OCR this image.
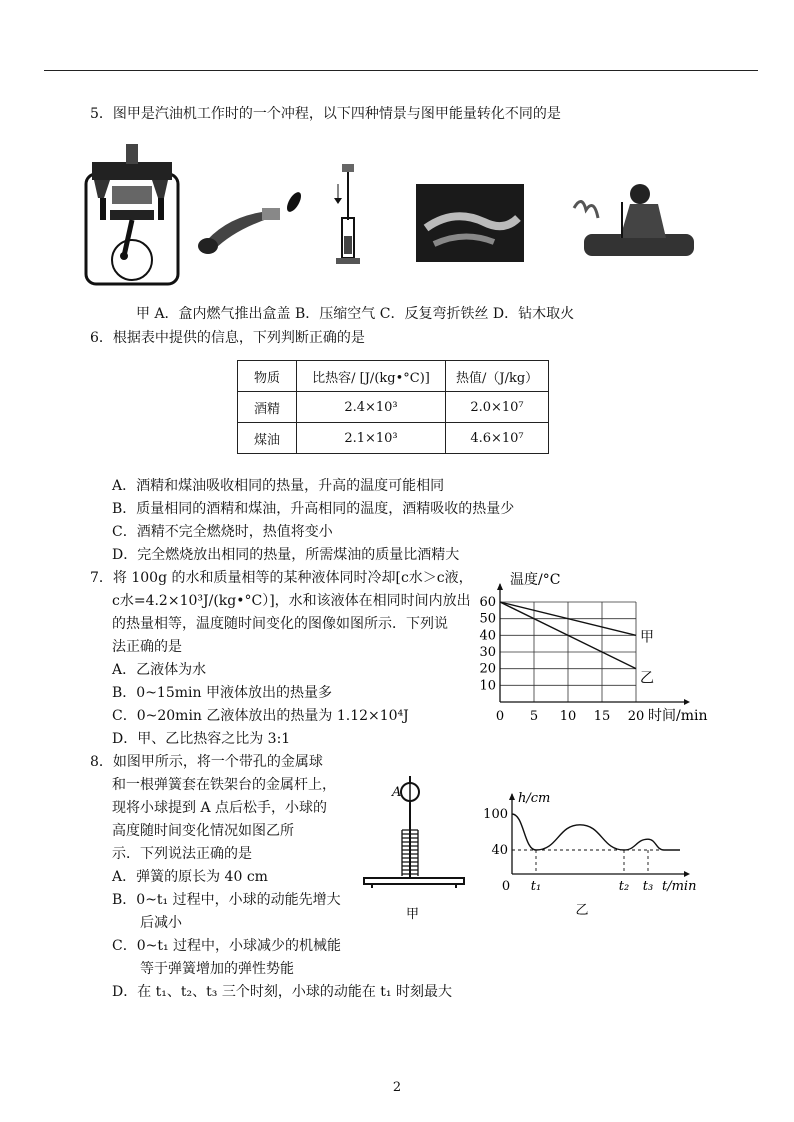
5．图甲是汽油机工作时的一个冲程，以下四种情景与图甲能量转化不同的是
甲 A．盒内燃气推出盒盖 B．压缩空气 C．反复弯折铁丝 D．钻木取火
6．根据表中提供的信息，下列判断正确的是
物质	比热容/ [J/(kg•°C)]	热值/（J/kg）
酒精	2.4×10³	2.0×10⁷
煤油	2.1×10³	4.6×10⁷
A．酒精和煤油吸收相同的热量，升高的温度可能相同
B．质量相同的酒精和煤油，升高相同的温度，酒精吸收的热量少
C．酒精不完全燃烧时，热值将变小
D．完全燃烧放出相同的热量，所需煤油的质量比酒精大
7．将 100g 的水和质量相等的某种液体同时冷却[c水＞c液，
c水=4.2×10³J/(kg•°C）]，水和该液体在相同时间内放出
的热量相等，温度随时间变化的图像如图所示．下列说
法正确的是
A．乙液体为水
B．0~15min 甲液体放出的热量多
C．0~20min 乙液体放出的热量为 1.12×10⁴J
D．甲、乙比热容之比为 3:1
10
20
30
40
50
60
0 5 10 15 20
温度/°C
时间/min
甲
乙
8．如图甲所示，将一个带孔的金属球
和一根弹簧套在铁架台的金属杆上，
现将小球提到 A 点后松手，小球的
高度随时间变化情况如图乙所
示．下列说法正确的是
A．弹簧的原长为 40 cm
B．0~t₁ 过程中，小球的动能先增大
后减小
C．0~t₁ 过程中，小球减少的机械能
等于弹簧增加的弹性势能
D．在 t₁、t₂、t₃ 三个时刻，小球的动能在 t₁ 时刻最大
A
甲
h/cm
t/min
100
40
0 t₁	t₂ t₃
乙
2
